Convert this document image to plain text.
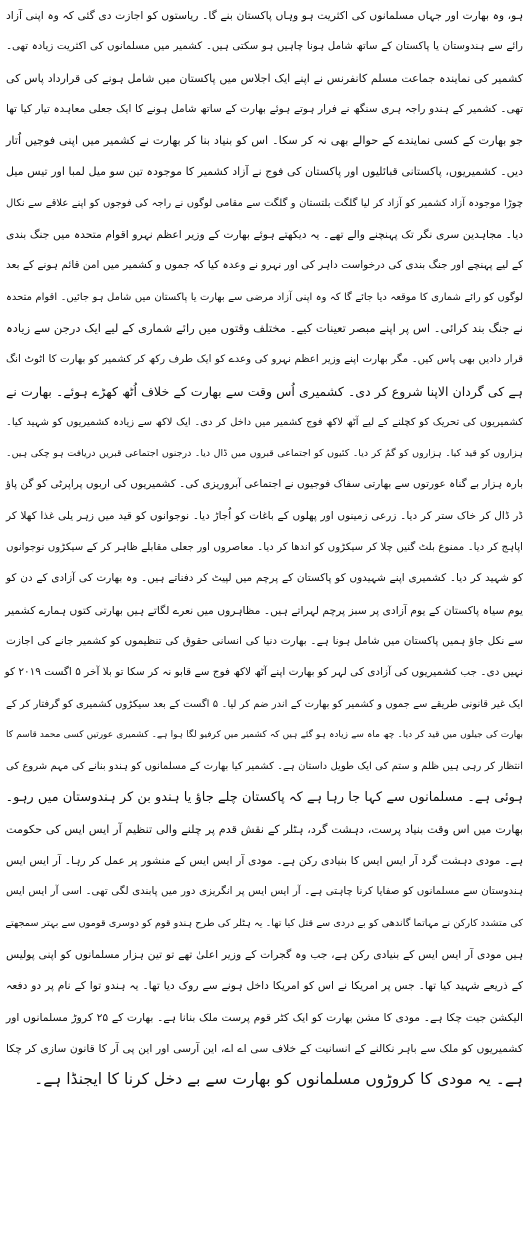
ہو، وہ بھارت اور جہاں مسلمانوں کی اکثریت ہو وہاں پاکستان بنے گا۔ ریاستوں کو اجازت دی گئی کہ وہ اپنی آزاد
رائے سے ہندوستان یا پاکستان کے ساتھ شامل ہونا چاہیں ہو سکتی ہیں۔ کشمیر میں مسلمانوں کی اکثریت زیادہ تھی۔
کشمیر کی نمایندہ جماعت مسلم کانفرنس نے اپنے ایک اجلاس میں پاکستان میں شامل ہونے کی قرارداد پاس کی
تھی۔ کشمیر کے ہندو راجہ ہری سنگھ نے فرار ہوتے ہوئے بھارت کے ساتھ شامل ہونے کا ایک جعلی معاہدہ تیار کیا تھا
جو بھارت کے کسی نمایندے کے حوالے بھی نہ کر سکا۔ اس کو بنیاد بنا کر بھارت نے کشمیر میں اپنی فوجیں اُتار
دیں۔ کشمیریوں، پاکستانی قبائلیوں اور پاکستان کی فوج نے آزاد کشمیر کا موجودہ تین سو میل لمبا اور تیس میل
چوڑا موجودہ آزاد کشمیر کو آزاد کر لیا گلگت بلتستان و گلگت سے مقامی لوگوں نے راجہ کی فوجوں کو اپنے علاقے سے نکال
دیا۔ مجاہدین سری نگر تک پہنچنے والے تھے۔ یہ دیکھتے ہوئے بھارت کے وزیر اعظم نہرو اقوام متحدہ میں جنگ بندی
کے لیے پہنچے اور جنگ بندی کی درخواست داہر کی اور نہرو نے وعدہ کیا کہ جموں و کشمیر میں امن قائم ہونے کے بعد
لوگوں کو رائے شماری کا موقعہ دیا جائے گا کہ وہ اپنی آزاد مرضی سے بھارت یا پاکستان میں شامل ہو جائیں۔ اقوام متحدہ
نے جنگ بند کرائی۔ اس پر اپنے مبصر تعینات کیے۔ مختلف وقتوں میں رائے شماری کے لیے ایک درجن سے زیادہ
قرار دادیں بھی پاس کیں۔ مگر بھارت اپنے وزیر اعظم نہرو کی وعدے کو ایک طرف رکھ کر کشمیر کو بھارت کا اٹوٹ انگ
ہے کی گردان الاپنا شروع کر دی۔ کشمیری اُس وقت سے بھارت کے خلاف اُٹھ کھڑے ہوئے۔ بھارت نے
کشمیریوں کی تحریک کو کچلنے کے لیے آٹھ لاکھ فوج کشمیر میں داخل کر دی۔ ایک لاکھ سے زیادہ کشمیریوں کو شہید کیا۔
ہزاروں کو قید کیا۔ ہزاروں کو گمُ کر دیا۔ کئیوں کو اجتماعی قبروں میں ڈال دیا۔ درجنوں اجتماعی قبریں دریافت ہو چکی ہیں۔
بارہ ہزار بے گناہ عورتوں سے بھارتی سفاک فوجیوں نے اجتماعی آبروریزی کی۔ کشمیریوں کی اربوں پراپرٹی کو گن پاؤ
ڈر ڈال کر خاک ستر کر دیا۔ زرعی زمینوں اور پھلوں کے باغات کو اُجاڑ دیا۔ نوجوانوں کو قید میں زہر یلی غذا کھلا کر
اپاہج کر دیا۔ ممنوع بلٹ گنیں چلا کر سیکڑوں کو اندھا کر دیا۔ معاصروں اور جعلی مقابلے ظاہر کر کے سیکڑوں نوجوانوں
کو شہید کر دیا۔ کشمیری اپنے شہیدوں کو پاکستان کے پرچم میں لپیٹ کر دفناتے ہیں۔ وہ بھارت کی آزادی کے دن کو
یوم سیاہ پاکستان کے یوم آزادی پر سبز پرچم لہراتے ہیں۔ مظاہروں میں نعرے لگاتے ہیں بھارتی کتوں ہمارے کشمیر
سے نکل جاؤ ہمیں پاکستان میں شامل ہونا ہے۔ بھارت دنیا کی انسانی حقوق کی تنظیموں کو کشمیر جانے کی اجازت
نہیں دی۔ جب کشمیریوں کی آزادی کی لہر کو بھارت اپنے آٹھ لاکھ فوج سے قابو نہ کر سکا تو بلا آخر ۵ اگست ۲۰۱۹ کو
ایک غیر قانونی طریقے سے جموں و کشمیر کو بھارت کے اندر ضم کر لیا۔ ۵ اگست کے بعد سیکڑوں کشمیری کو گرفتار کر کے
بھارت کی جیلوں میں قید کر دیا۔ چھ ماہ سے زیادہ ہو گئے ہیں کہ کشمیر میں کرفیو لگا ہوا ہے۔ کشمیری عورتیں کسی محمد قاسم کا
انتظار کر رہی ہیں ظلم و ستم کی ایک طویل داستان ہے۔ کشمیر کیا بھارت کے مسلمانوں کو ہندو بنانے کی مہم شروع کی
ہوئی ہے۔ مسلمانوں سے کہا جا رہا ہے کہ پاکستان چلے جاؤ یا ہندو بن کر ہندوستان میں رہو۔
بھارت میں اس وقت بنیاد پرست، دہشت گرد، ہٹلر کے نقش قدم پر چلنے والی تنظیم آر ایس ایس کی حکومت
ہے۔ مودی دہشت گرد آر ایس ایس کا بنیادی رکن ہے۔ مودی آر ایس ایس کے منشور پر عمل کر رہا۔ آر ایس ایس
ہندوستان سے مسلمانوں کو صفایا کرنا چاہتی ہے۔ آر ایس ایس پر انگریزی دور میں پابندی لگی تھی۔ اسی آر ایس ایس
کی متشدد کارکن نے مہاتما گاندھی کو بے دردی سے قتل کیا تھا۔ یہ ہٹلر کی طرح ہندو قوم کو دوسری قوموں سے بہتر سمجھتے
ہیں مودی آر ایس ایس کے بنیادی رکن ہے، جب وہ گجرات کے وزیر اعلیٰ تھے تو تین ہزار مسلمانوں کو اپنی پولیس
کے ذریعے شہید کیا تھا۔ جس پر امریکا نے اس کو امریکا داخل ہونے سے روک دیا تھا۔ یہ ہندو توا کے نام پر دو دفعہ
الیکشن جیت چکا ہے۔ مودی کا مشن بھارت کو ایک کٹر قوم پرست ملک بنانا ہے۔ بھارت کے ۲۵ کروڑ مسلمانوں اور
کشمیریوں کو ملک سے باہر نکالنے کے انسانیت کے خلاف سی اے اے، این آرسی اور این پی آر کا قانون سازی کر چکا
ہے۔ یہ مودی کا کروڑوں مسلمانوں کو بھارت سے بے دخل کرنا کا ایجنڈا ہے۔
